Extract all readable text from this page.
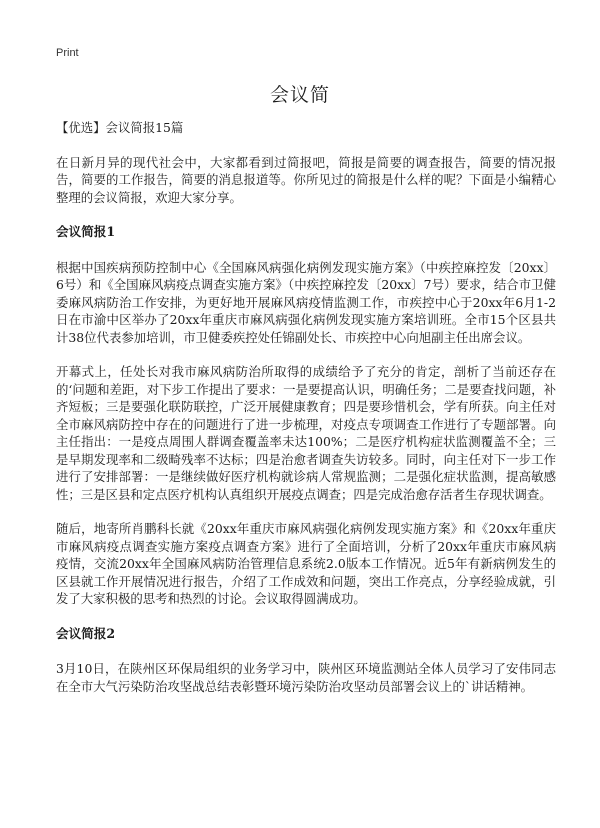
Print
会议简

【优选】会议简报15篇

在日新月异的现代社会中，大家都看到过简报吧，简报是简要的调查报告，简要的情况报告，简要的工作报告，简要的消息报道等。你所见过的简报是什么样的呢？下面是小编精心整理的会议简报，欢迎大家分享。

会议简报1

根据中国疾病预防控制中心《全国麻风病强化病例发现实施方案》（中疾控麻控发〔20xx〕6号）和《全国麻风病疫点调查实施方案》（中疾控麻控发〔20xx〕7号）要求，结合市卫健委麻风病防治工作安排，为更好地开展麻风病疫情监测工作，市疾控中心于20xx年6月1-2日在市渝中区举办了20xx年重庆市麻风病强化病例发现实施方案培训班。全市15个区县共计38位代表参加培训，市卫健委疾控处任锦副处长、市疾控中心向旭副主任出席会议。

开幕式上，任处长对我市麻风病防治所取得的成绩给予了充分的肯定，剖析了当前还存在的‘问题和差距，对下步工作提出了要求：一是要提高认识，明确任务；二是要查找问题，补齐短板；三是要强化联防联控，广泛开展健康教育；四是要珍惜机会，学有所获。向主任对全市麻风病防控中存在的问题进行了进一步梳理，对疫点专项调查工作进行了专题部署。向主任指出：一是疫点周围人群调查覆盖率未达100%；二是医疗机构症状监测覆盖不全；三是早期发现率和二级畸残率不达标；四是治愈者调查失访较多。同时，向主任对下一步工作进行了安排部署：一是继续做好医疗机构就诊病人常规监测；二是强化症状监测，提高敏感性；三是区县和定点医疗机构认真组织开展疫点调查；四是完成治愈存活者生存现状调查。

随后，地寄所肖鹏科长就《20xx年重庆市麻风病强化病例发现实施方案》和《20xx年重庆市麻风病疫点调查实施方案疫点调查方案》进行了全面培训，分析了20xx年重庆市麻风病疫情，交流20xx年全国麻风病防治管理信息系统2.0版本工作情况。近5年有新病例发生的区县就工作开展情况进行报告，介绍了工作成效和问题，突出工作亮点，分享经验成就，引发了大家积极的思考和热烈的讨论。会议取得圆满成功。

会议简报2

3月10日，在陕州区环保局组织的业务学习中，陕州区环境监测站全体人员学习了安伟同志在全市大气污染防治攻坚战总结表彰暨环境污染防治攻坚动员部署会议上的`讲话精神。
